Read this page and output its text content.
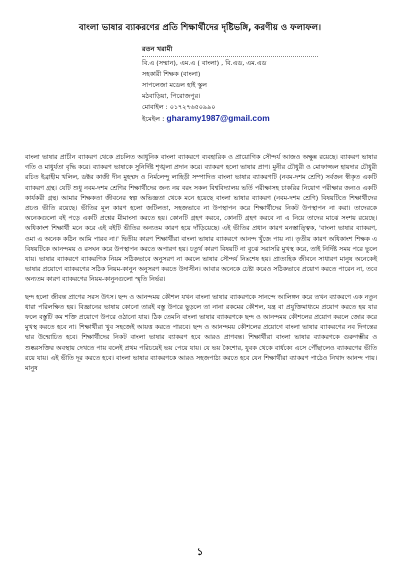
বাংলা ভাষার ব্যাকরণের প্রতি শিক্ষার্থীদের দৃষ্টিভঙ্গি, করণীয় ও ফলাফল।
রতন খরামী
বি.এ (সম্মান), এম.এ ( বাংলা) , বি.এড, এম.এড
সহকারী শিক্ষক (বাংলা)
সাপলেজা মডেল হাই স্কুল
মঠবাড়িয়া, পিরোজপুর।
মোবাইল : ০১৭২৭৬৫০৯৯০
ইমেইল : gharamy1987@gmail.com

বাংলা ভাষার প্রাচীন ব্যাকরণ থেকে প্রচলিত আধুনিক বাংলা ব্যাকরণে ব্যবহারিক ও প্রায়োগিক সৌন্দর্য আজও অক্ষুন্ন রয়েছে। ব্যাকরণ ভাষার গতি ও মাধুর্যতা বৃদ্ধি করে। ব্যাকরণ ভাষাকে সুনির্দিষ্ট শৃঙ্খলা প্রদান করে। ব্যাকরণ হলো ভাষার প্রাণ। মুনীর চৌধুরী ও মোফাজ্জল হায়দার চৌধুরী রচিত ইব্রাহীম খলিল, ডক্টর কাজী দীন মুহম্মদ ও নির্মলেন্দু লাহিড়ী সম্পাদিত বাংলা ভাষার ব্যাকরণটি (নবম-দশম শ্রেণি) সর্বজন স্বীকৃত একটি ব্যাকরণ গ্রন্থ। যেটি শুধু নবম-দশম শ্রেণির শিক্ষার্থীদের জন্য নয় বরং সকল বিশ্ববিদ্যালয় ভর্তি পরীক্ষাসহ চাকরির নিয়োগ পরীক্ষার জন্যও একটি কার্যকরী গ্রন্থ। আমার শিক্ষকতা জীবনের স্বল্প অভিজ্ঞতা থেকে মনে হয়েছে বাংলা ভাষার ব্যাকরণ (নবম-দশম শ্রেণি) বিষয়টিতে শিক্ষার্থীদের প্রচণ্ড ভীতি রয়েছে। ভীতির মূল কারণ হলো জটিলতা, সহজভাবে না উপস্থাপন করে শিক্ষার্থীদের নিকট উপস্থাপন না করা। তাদেরকে অনেকগুলো বই পড়ে একটি প্রশ্নের মীমাংসা করতে হয়। কোনটি গ্রহণ করবে, কোনটি গ্রহণ করবে না এ নিয়ে তাদের মাঝে সংশয় রয়েছে। অধিকাংশ শিক্ষার্থী মনে করে এই বইটি ভীতির অন্যতম কারণ হয়ে দাঁড়িয়েছে। এই ভীতির প্রধান কারণ মনস্তাত্ত্বিক, 'বাংলা ভাষার ব্যাকরণ, ওমা এ অনেক কঠিন আমি পারব না।' দ্বিতীয় কারণ শিক্ষার্থীরা বাংলা ভাষার ব্যাকরণে আনন্দ খুঁজে পায় না। তৃতীয় কারণ অধিকাংশ শিক্ষক এ বিষয়টিকে আনন্দময় ও রসঘন করে উপস্থাপন করতে অপারগ হয়। চতুর্থ কারণ বিষয়টি না বুঝে সরাসরি মুখস্থ করে, তাই নির্দিষ্ট সময় পরে ভুলে যায়। ভাষার ব্যাকরণে ব্যাকরণিক নিয়ম সঠিকভাবে অনুসরণ না করলে ভাষার সৌন্দর্য নিঃশেষ হয়। প্রাত্যহিক জীবনে সাধারণ মানুষ অনেকেই ভাষার প্রয়োগে ব্যাকরণের সঠিক নিয়ম-কানুন অনুসরণ করতে উদাসীন। আবার অনেকে চেষ্টা করেও সঠিকভাবে প্রয়োগ করতে পারেন না, তবে অন্যতম কারণ ব্যাকরণের নিয়ম-কানুনগুলো স্মৃতি নির্ভর।

ছন্দ হলো জীবন্ত প্রাণের সরস উৎস। ছন্দ ও আনন্দময় কৌশল যখন বাংলা ভাষার ব্যাকরণকে সানন্দে আলিঙ্গন করে তখন ব্যাকরণে এক নতুন ধারা পরিলক্ষিত হয়। বিজ্ঞানের ভাষায় কোনো তারই বস্তু উপরে ছুড়লে তা নানা রকমের কৌশল, যন্ত্র বা প্রযুক্তিমাধ্যমে প্রয়োগ করতে হয় যার ফলে বস্তুটি কম শক্তি প্রয়োগে উপরে ওঠানো যায়। ঠিক তেমনি বাংলা ভাষার ব্যাকরণকে ছন্দ ও আনন্দময় কৌশলের প্রয়োগ করলে জোর করে মুখস্থ করতে হবে না। শিক্ষার্থীরা খুব সহজেই আয়ত্ত করতে পারবে। ছন্দ ও আনন্দময় কৌশলের প্রয়োগে বাংলা ভাষার ব্যাকরণের নব দিগন্তের দ্বার উন্মোচিত হবে। শিক্ষার্থীদের নিকট বাংলা ভাষার ব্যাকরণ হবে আরও প্রাণবন্ত। শিক্ষার্থীরা বাংলা ভাষার ব্যাকরণকে গুরুগম্ভীর ও শুষ্করসক্তির অবস্থায় দেখতে পায় বলেই প্রথম পরিচয়েই ভয় পেয়ে যায়। যে ভয় কৈশোর, যুবক থেকে বার্ধক্যে এসে পৌঁছালেও ব্যাকরণের ভীতি রয়ে যায়। এই ভীতি দূর করতে হবে। বাংলা ভাষার ব্যাকরণকে আরও সহজপাঠ্য করতে হবে যেন শিক্ষার্থীরা ব্যাকরণ পাঠেও নিখাদ আনন্দ পায়। মানুষ

১
